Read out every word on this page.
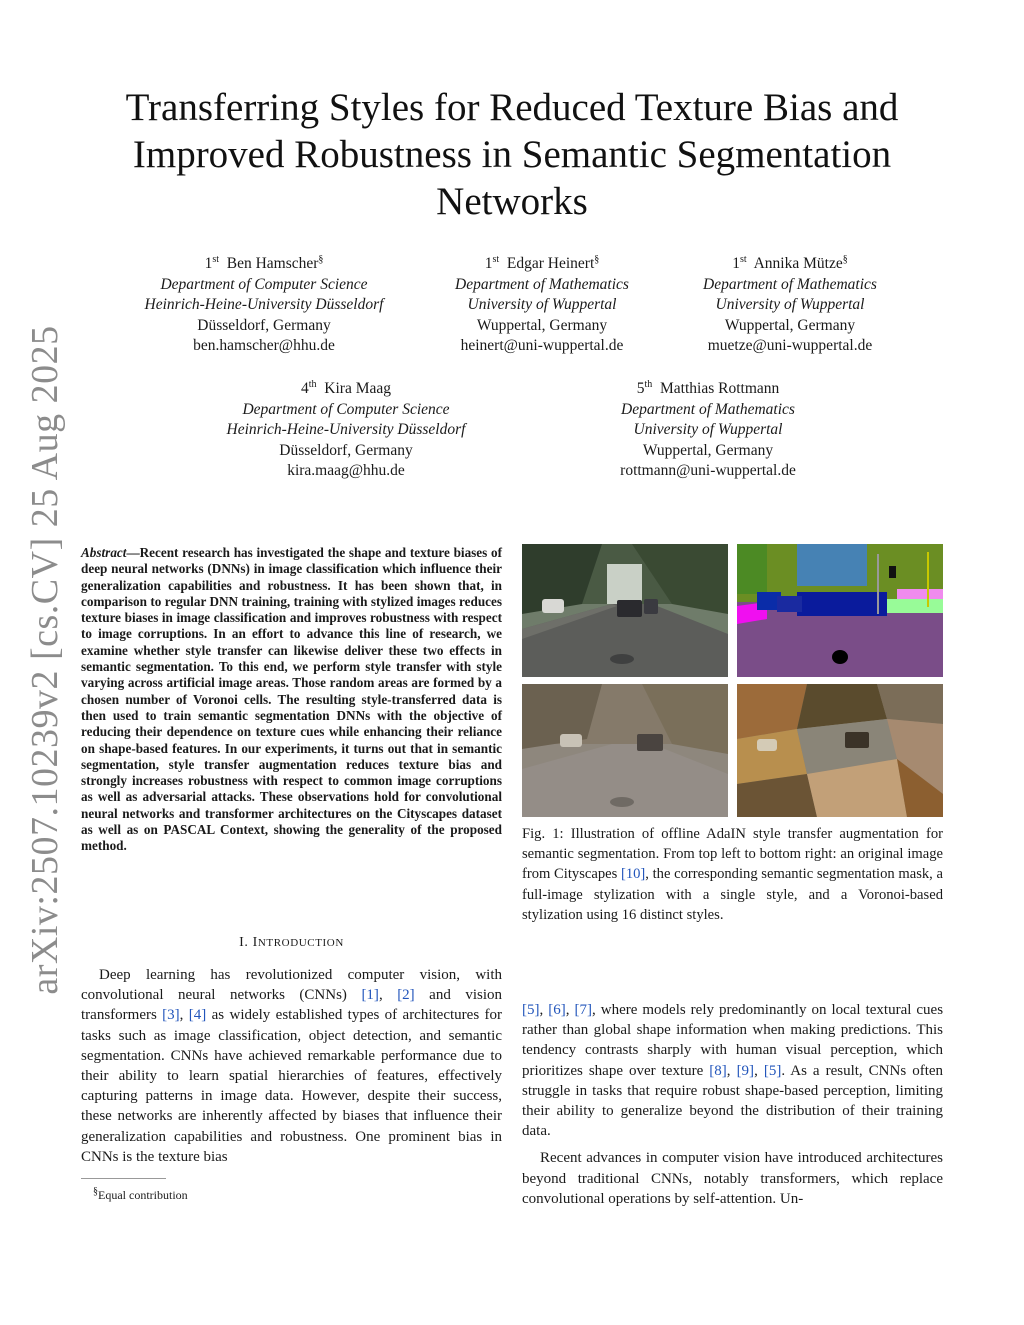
arXiv:2507.10239v2 [cs.CV] 25 Aug 2025
Transferring Styles for Reduced Texture Bias and Improved Robustness in Semantic Segmentation Networks
1st Ben Hamscher§
Department of Computer Science
Heinrich-Heine-University Düsseldorf
Düsseldorf, Germany
ben.hamscher@hhu.de
1st Edgar Heinert§
Department of Mathematics
University of Wuppertal
Wuppertal, Germany
heinert@uni-wuppertal.de
1st Annika Mütze§
Department of Mathematics
University of Wuppertal
Wuppertal, Germany
muetze@uni-wuppertal.de
4th Kira Maag
Department of Computer Science
Heinrich-Heine-University Düsseldorf
Düsseldorf, Germany
kira.maag@hhu.de
5th Matthias Rottmann
Department of Mathematics
University of Wuppertal
Wuppertal, Germany
rottmann@uni-wuppertal.de
Abstract—Recent research has investigated the shape and texture biases of deep neural networks (DNNs) in image classification which influence their generalization capabilities and robustness. It has been shown that, in comparison to regular DNN training, training with stylized images reduces texture biases in image classification and improves robustness with respect to image corruptions. In an effort to advance this line of research, we examine whether style transfer can likewise deliver these two effects in semantic segmentation. To this end, we perform style transfer with style varying across artificial image areas. Those random areas are formed by a chosen number of Voronoi cells. The resulting style-transferred data is then used to train semantic segmentation DNNs with the objective of reducing their dependence on texture cues while enhancing their reliance on shape-based features. In our experiments, it turns out that in semantic segmentation, style transfer augmentation reduces texture bias and strongly increases robustness with respect to common image corruptions as well as adversarial attacks. These observations hold for convolutional neural networks and transformer architectures on the Cityscapes dataset as well as on PASCAL Context, showing the generality of the proposed method.
I. INTRODUCTION

Deep learning has revolutionized computer vision, with convolutional neural networks (CNNs) [1], [2] and vision transformers [3], [4] as widely established types of architectures for tasks such as image classification, object detection, and semantic segmentation. CNNs have achieved remarkable performance due to their ability to learn spatial hierarchies of features, effectively capturing patterns in image data. However, despite their success, these networks are inherently affected by biases that influence their generalization capabilities and robustness. One prominent bias in CNNs is the texture bias

§Equal contribution
Fig. 1: Illustration of offline AdaIN style transfer augmentation for semantic segmentation. From top left to bottom right: an original image from Cityscapes [10], the corresponding semantic segmentation mask, a full-image stylization with a single style, and a Voronoi-based stylization using 16 distinct styles.

[5], [6], [7], where models rely predominantly on local textural cues rather than global shape information when making predictions. This tendency contrasts sharply with human visual perception, which prioritizes shape over texture [8], [9], [5]. As a result, CNNs often struggle in tasks that require robust shape-based perception, limiting their ability to generalize beyond the distribution of their training data.

Recent advances in computer vision have introduced architectures beyond traditional CNNs, notably transformers, which replace convolutional operations by self-attention. Un-
